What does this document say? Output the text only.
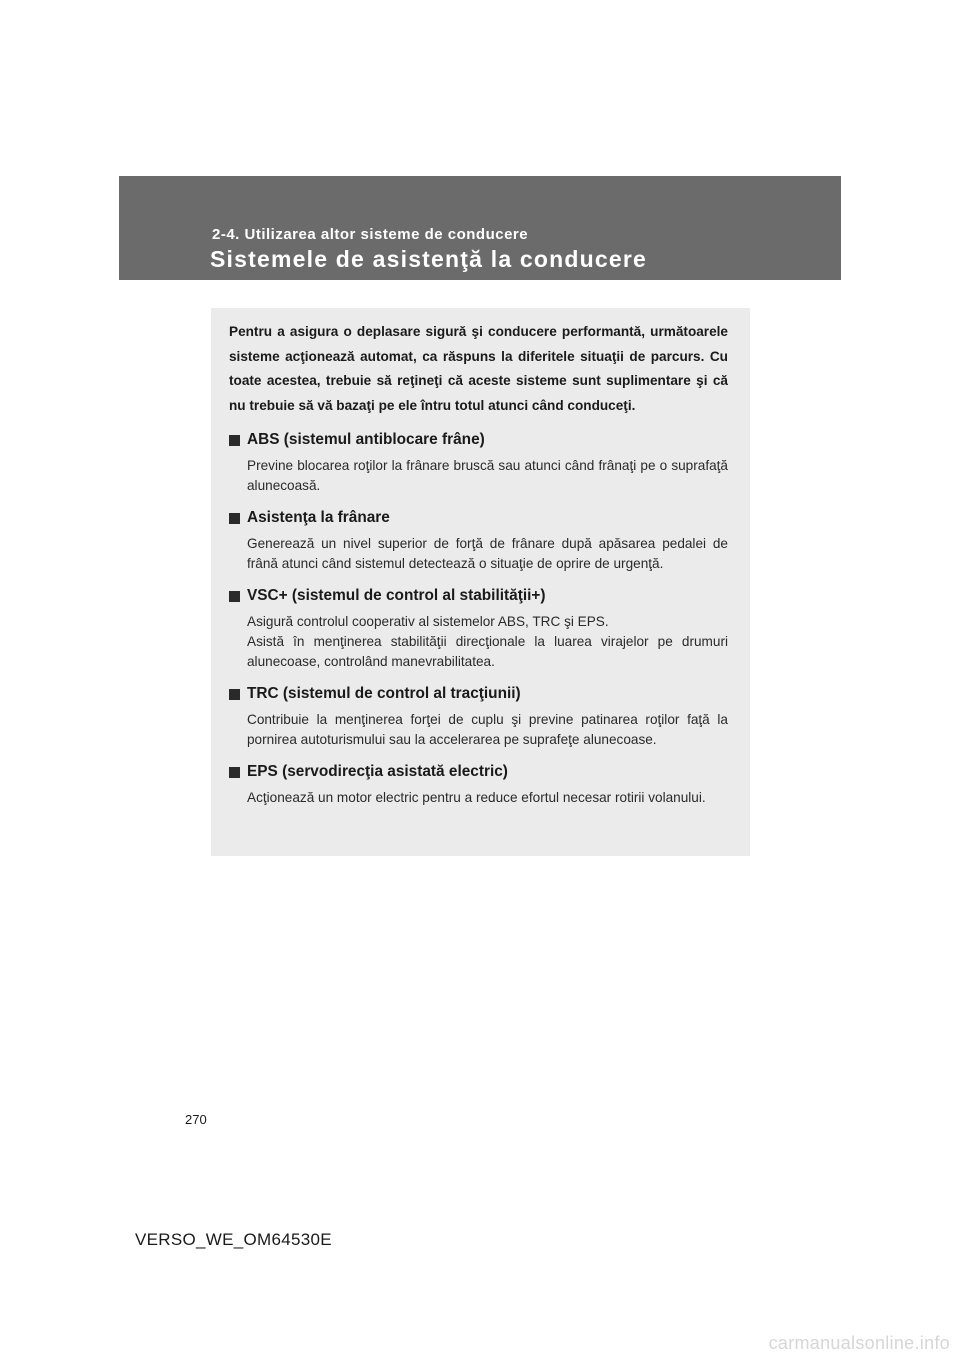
2-4. Utilizarea altor sisteme de conducere
Sistemele de asistenţă la conducere

Pentru a asigura o deplasare sigură şi conducere performantă, următoarele sisteme acţionează automat, ca răspuns la diferitele situaţii de parcurs. Cu toate acestea, trebuie să reţineţi că aceste sisteme sunt suplimentare şi că nu trebuie să vă bazaţi pe ele întru totul atunci când conduceţi.

ABS (sistemul antiblocare frâne)

Previne blocarea roţilor la frânare bruscă sau atunci când frânaţi pe o suprafaţă alunecoasă.

Asistenţa la frânare

Generează un nivel superior de forţă de frânare după apăsarea pedalei de frână atunci când sistemul detectează o situaţie de oprire de urgenţă.

VSC+ (sistemul de control al stabilităţii+)

Asigură controlul cooperativ al sistemelor ABS, TRC şi EPS.

Asistă în menţinerea stabilităţii direcţionale la luarea virajelor pe drumuri alunecoase, controlând manevrabilitatea.

TRC (sistemul de control al tracţiunii)

Contribuie la menţinerea forţei de cuplu şi previne patinarea roţilor faţă la pornirea autoturismului sau la accelerarea pe suprafeţe alunecoase.

EPS (servodirecţia asistată electric)

Acţionează un motor electric pentru a reduce efortul necesar rotirii volanului.

270
VERSO_WE_OM64530E
carmanualsonline.info
